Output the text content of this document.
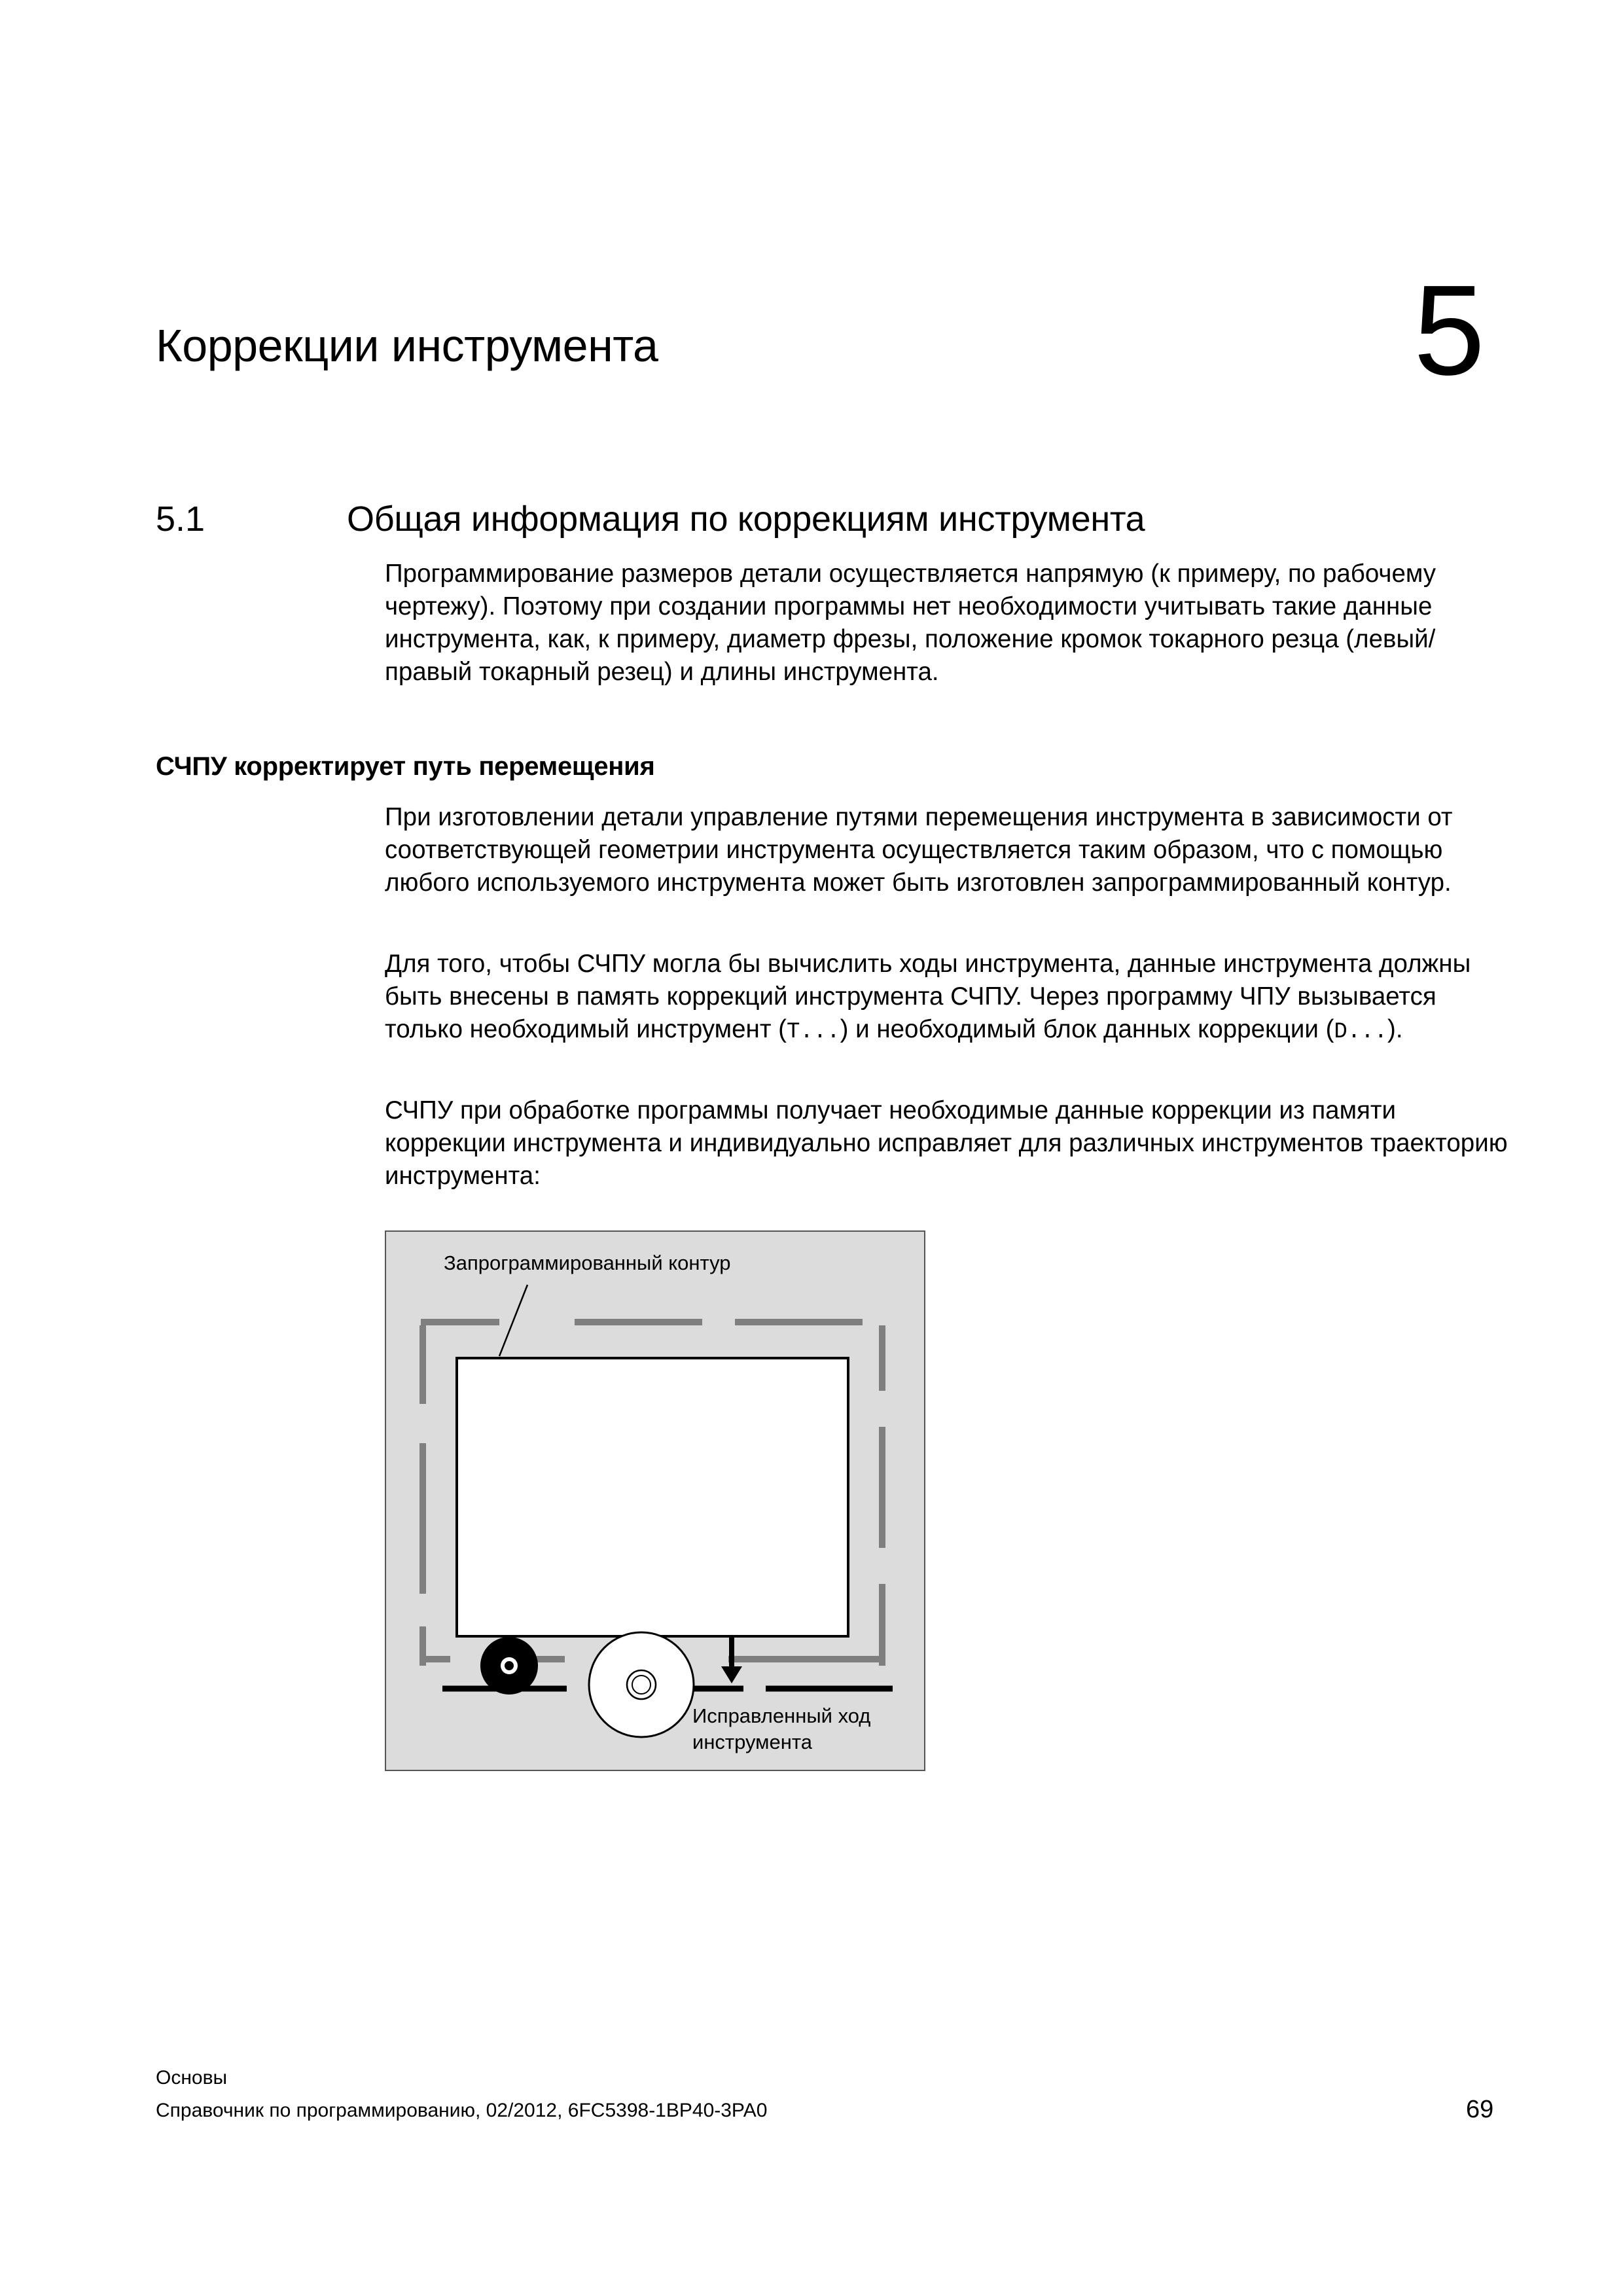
Коррекции инструмента	5
5.1	Общая информация по коррекциям инструмента
Программирование размеров детали осуществляется напрямую (к примеру, по рабочему чертежу). Поэтому при создании программы нет необходимости учитывать такие данные инструмента, как, к примеру, диаметр фрезы, положение кромок токарного резца (левый/правый токарный резец) и длины инструмента.
СЧПУ корректирует путь перемещения
При изготовлении детали управление путями перемещения инструмента в зависимости от соответствующей геометрии инструмента осуществляется таким образом, что с помощью любого используемого инструмента может быть изготовлен запрограммированный контур.
Для того, чтобы СЧПУ могла бы вычислить ходы инструмента, данные инструмента должны быть внесены в память коррекций инструмента СЧПУ. Через программу ЧПУ вызывается только необходимый инструмент (T...) и необходимый блок данных коррекции (D...).
СЧПУ при обработке программы получает необходимые данные коррекции из памяти коррекции инструмента и индивидуально исправляет для различных инструментов траекторию инструмента:
Запрограммированный контур
Исправленный ход
инструмента
Основы
Справочник по программированию, 02/2012, 6FC5398-1BP40-3PA0	69
